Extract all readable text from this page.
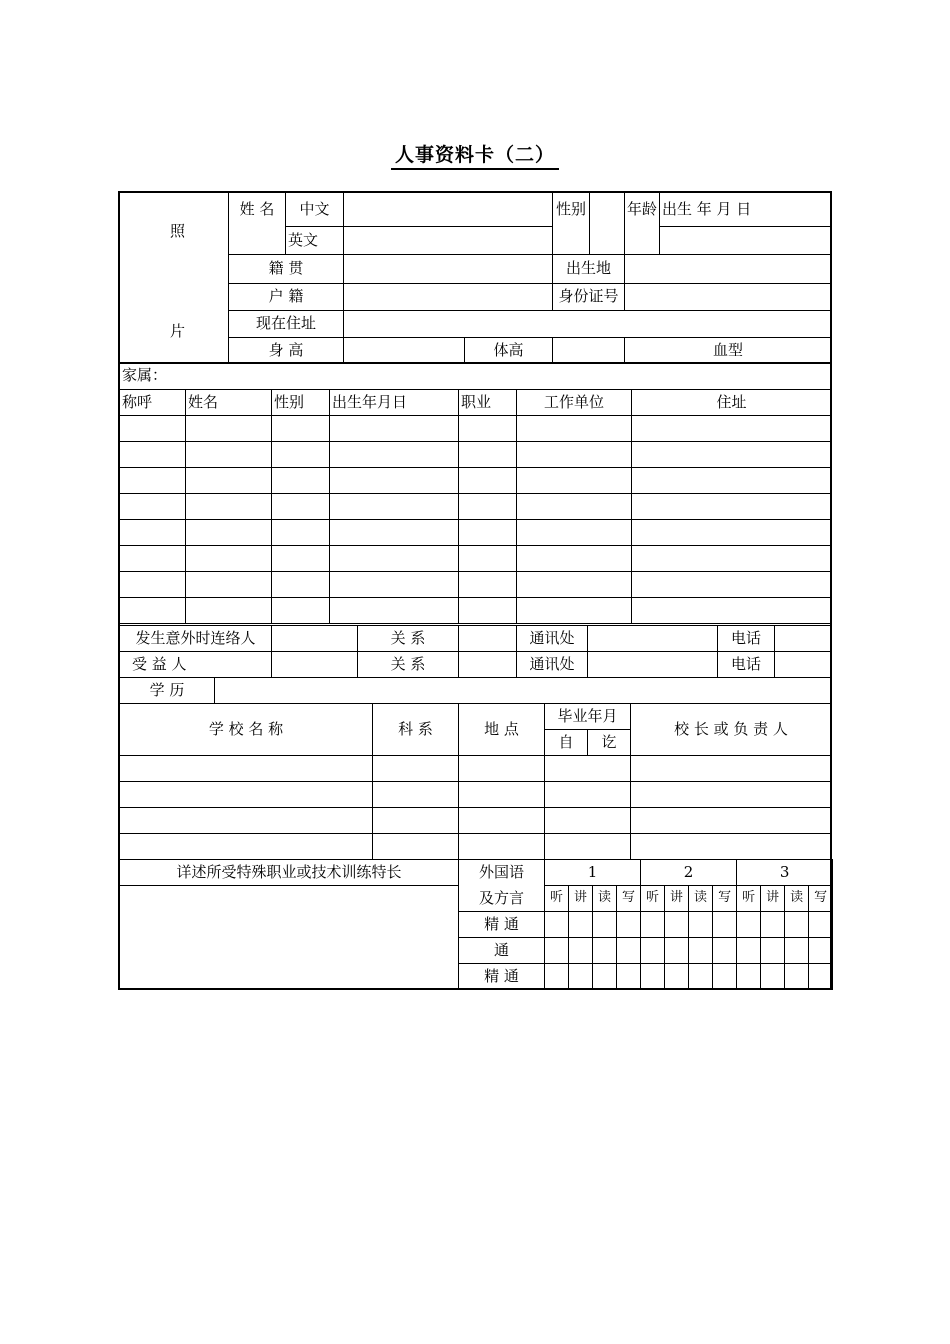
人事资料卡（二）
照
片	姓 名	中文			性别		年龄	出生 年 月 日	
		英文							
	籍 贯				出生地				
	户 籍				身份证号				
	现在住址								
	身 高			体高			血型		
家属：						
称呼	姓名	性别	出生年月日	职业	工作单位	住址

发生意外时连络人		关 系		通讯处		电话	
受 益 人		关 系		通讯处		电话	
学 历						
学 校 名 称		科 系	地 点	毕业年月		校 长 或 负 责 人
				自	讫	

详述所受特殊职业或技术训练特长	外国语	1				2				3			
	及方言	听	讲	读	写	听	讲	读	写	听	讲	读	写
	精 通												
	通												
	精 通												
